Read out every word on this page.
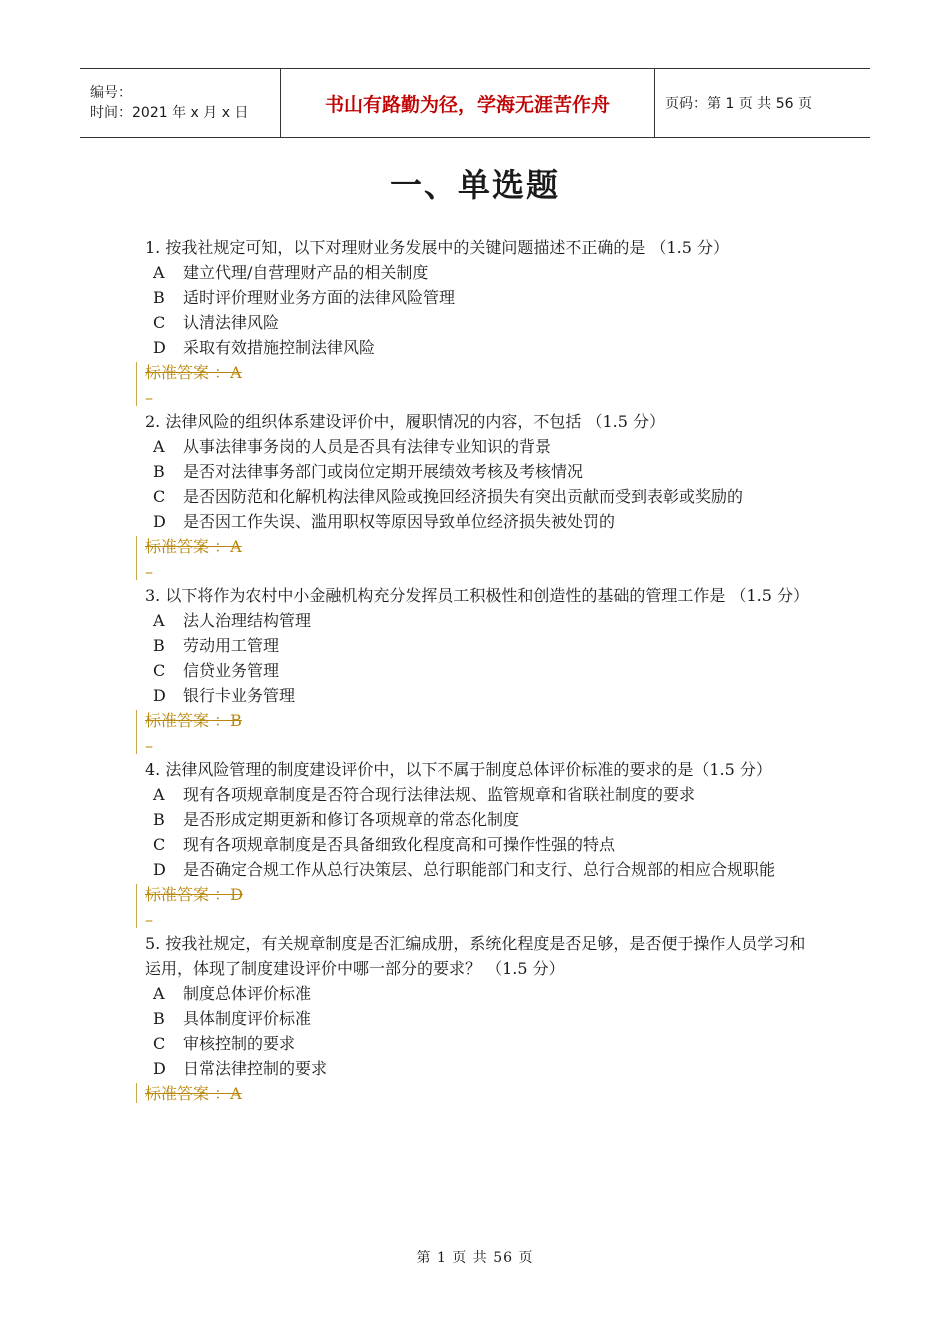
编号：
时间：2021 年 x 月 x 日	书山有路勤为径，学海无涯苦作舟	页码：第 1 页 共 56 页
一、单选题

1. 按我社规定可知，以下对理财业务发展中的关键问题描述不正确的是 （1.5 分）

A	建立代理/自营理财产品的相关制度
B	适时评价理财业务方面的法律风险管理
C	认清法律风险
D	采取有效措施控制法律风险

标准答案 ：A

–

2. 法律风险的组织体系建设评价中，履职情况的内容，不包括 （1.5 分）

A	从事法律事务岗的人员是否具有法律专业知识的背景
B	是否对法律事务部门或岗位定期开展绩效考核及考核情况
C	是否因防范和化解机构法律风险或挽回经济损失有突出贡献而受到表彰或奖励的
D	是否因工作失误、滥用职权等原因导致单位经济损失被处罚的

标准答案 ：A

–

3. 以下将作为农村中小金融机构充分发挥员工积极性和创造性的基础的管理工作是 （1.5 分）

A	法人治理结构管理
B	劳动用工管理
C	信贷业务管理
D	银行卡业务管理

标准答案 ：B

–

4. 法律风险管理的制度建设评价中，以下不属于制度总体评价标准的要求的是（1.5 分）

A	现有各项规章制度是否符合现行法律法规、监管规章和省联社制度的要求
B	是否形成定期更新和修订各项规章的常态化制度
C	现有各项规章制度是否具备细致化程度高和可操作性强的特点
D	是否确定合规工作从总行决策层、总行职能部门和支行、总行合规部的相应合规职能

标准答案 ：D

–

5. 按我社规定，有关规章制度是否汇编成册，系统化程度是否足够，是否便于操作人员学习和运用，体现了制度建设评价中哪一部分的要求？ （1.5 分）

A	制度总体评价标准
B	具体制度评价标准
C	审核控制的要求
D	日常法律控制的要求

标准答案 ：A

第 1 页 共 56 页
